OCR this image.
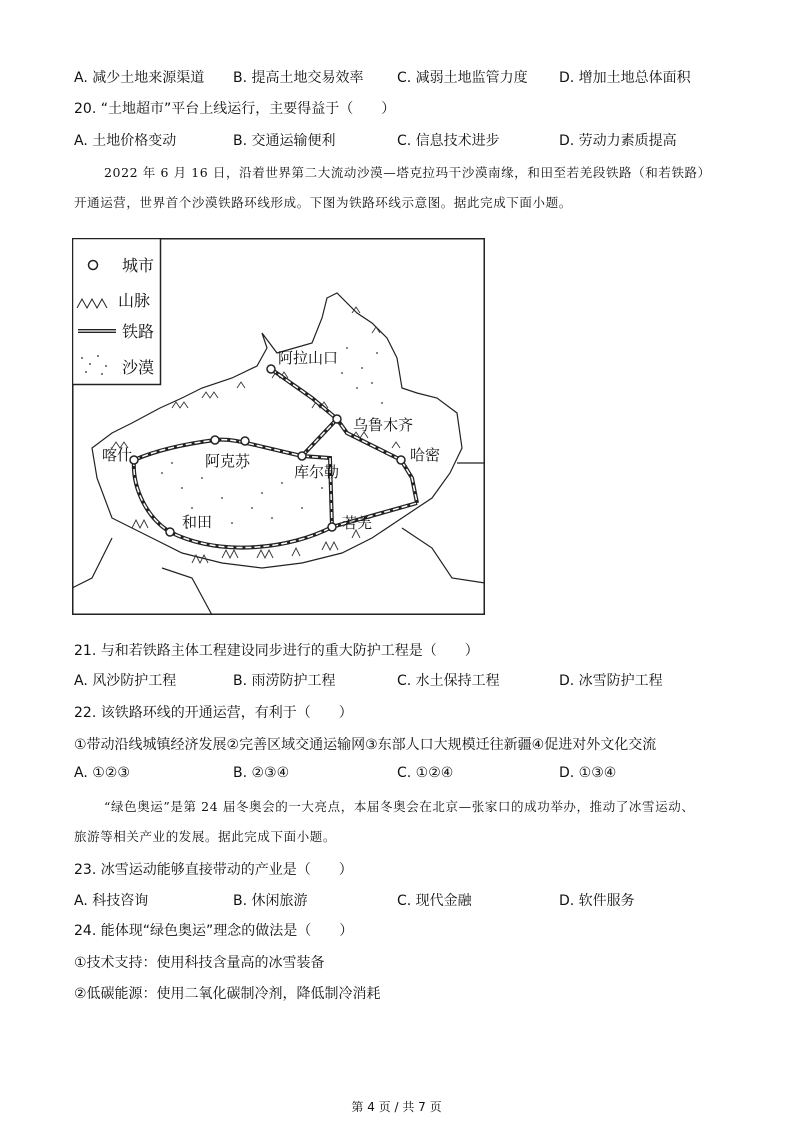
A. 减少土地来源渠道 B. 提高土地交易效率 C. 减弱土地监管力度 D. 增加土地总体面积
20. “土地超市”平台上线运行，主要得益于（　　）
A. 土地价格变动	B. 交通运输便利	C. 信息技术进步	D. 劳动力素质提高
2022 年 6 月 16 日，沿着世界第二大流动沙漠—塔克拉玛干沙漠南缘，和田至若羌段铁路（和若铁路）
开通运营，世界首个沙漠铁路环线形成。下图为铁路环线示意图。据此完成下面小题。
阿拉山口
乌鲁木齐
哈密
阿克苏
库尔勒
喀什
和田	若羌
城市
山脉
铁路
沙漠
21. 与和若铁路主体工程建设同步进行的重大防护工程是（　　）
A. 风沙防护工程	B. 雨涝防护工程	C. 水土保持工程	D. 冰雪防护工程
22. 该铁路环线的开通运营，有利于（　　）
①带动沿线城镇经济发展②完善区域交通运输网③东部人口大规模迁往新疆④促进对外文化交流
A. ①②③	B. ②③④	C. ①②④	D. ①③④
“绿色奥运”是第 24 届冬奥会的一大亮点，本届冬奥会在北京—张家口的成功举办，推动了冰雪运动、
旅游等相关产业的发展。据此完成下面小题。
23. 冰雪运动能够直接带动的产业是（　　）
A. 科技咨询	B. 休闲旅游	C. 现代金融	D. 软件服务
24. 能体现“绿色奥运”理念的做法是（　　）
①技术支持：使用科技含量高的冰雪装备
②低碳能源：使用二氧化碳制冷剂，降低制冷消耗
第 4 页 / 共 7 页
